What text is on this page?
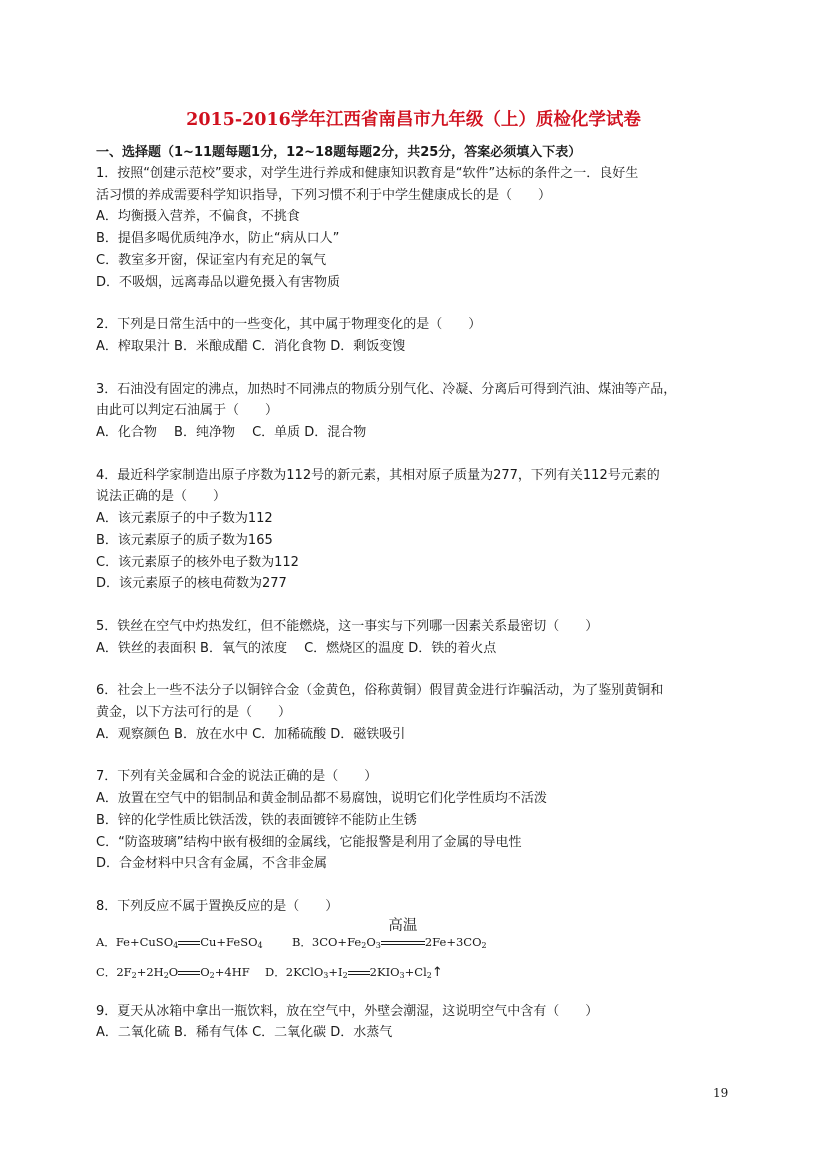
2015-2016学年江西省南昌市九年级（上）质检化学试卷
一、选择题（1~11题每题1分，12~18题每题2分，共25分，答案必须填入下表）
1．按照“创建示范校”要求，对学生进行养成和健康知识教育是“软件”达标的条件之一．良好生
活习惯的养成需要科学知识指导，下列习惯不利于中学生健康成长的是（　　）
A．均衡摄入营养，不偏食，不挑食
B．提倡多喝优质纯净水，防止“病从口人”
C．教室多开窗，保证室内有充足的氧气
D．不吸烟，远离毒品以避免摄入有害物质
2．下列是日常生活中的一些变化，其中属于物理变化的是（　　）
A．榨取果汁 B．米酿成醋 C．消化食物 D．剩饭变馊
3．石油没有固定的沸点，加热时不同沸点的物质分别气化、冷凝、分离后可得到汽油、煤油等产品，
由此可以判定石油属于（　　）
A．化合物　 B．纯净物　 C．单质 D．混合物
4．最近科学家制造出原子序数为112号的新元素，其相对原子质量为277，下列有关112号元素的
说法正确的是（　　）
A．该元素原子的中子数为112
B．该元素原子的质子数为165
C．该元素原子的核外电子数为112
D．该元素原子的核电荷数为277
5．铁丝在空气中灼热发红，但不能燃烧，这一事实与下列哪一因素关系最密切（　　）
A．铁丝的表面积 B．氧气的浓度　 C．燃烧区的温度 D．铁的着火点
6．社会上一些不法分子以铜锌合金（金黄色，俗称黄铜）假冒黄金进行诈骗活动，为了鉴别黄铜和
黄金，以下方法可行的是（　　）
A．观察颜色 B．放在水中 C．加稀硫酸 D．磁铁吸引
7．下列有关金属和合金的说法正确的是（　　）
A．放置在空气中的铝制品和黄金制品都不易腐蚀，说明它们化学性质均不活泼
B．锌的化学性质比铁活泼，铁的表面镀锌不能防止生锈
C．“防盗玻璃”结构中嵌有极细的金属线，它能报警是利用了金属的导电性
D．合金材料中只含有金属，不含非金属
8．下列反应不属于置换反应的是（　　）
A．Fe+CuSO$_4$ Cu+FeSO$_4$	B．$3CO+Fe_2O_3$
高温
$2Fe+3CO_2$
C．$2F_2+2H_2O$ $O_2+4HF$ D．$2KClO_3+I_2$ $2KIO_3+Cl_2↑$
9．夏天从冰箱中拿出一瓶饮料，放在空气中，外壁会潮湿，这说明空气中含有（　　）
A．二氧化硫 B．稀有气体 C．二氧化碳 D．水蒸气
19
